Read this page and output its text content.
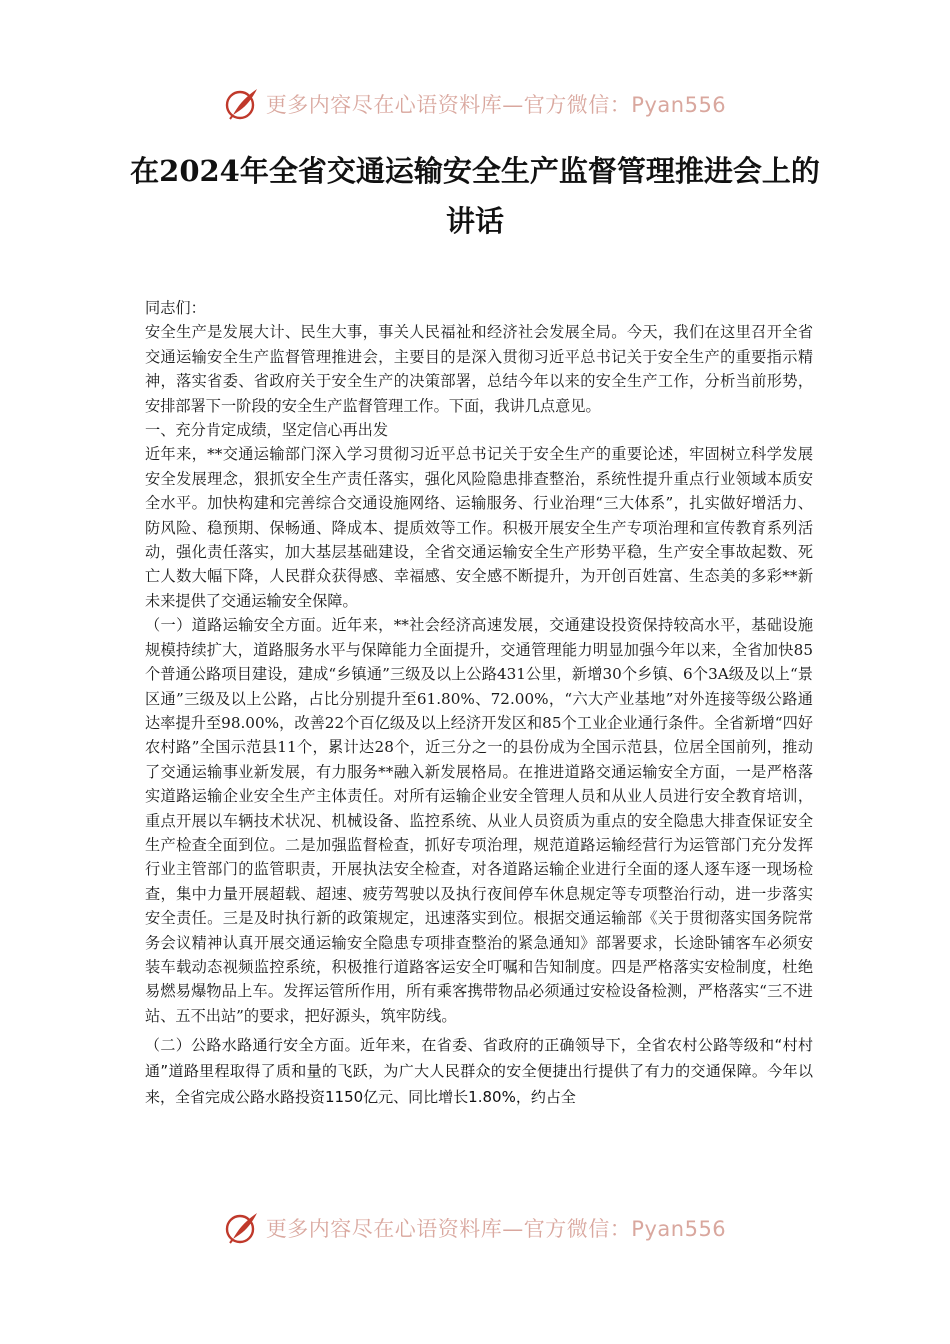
更多内容尽在心语资料库—官方微信：Pyan556
在2024年全省交通运输安全生产监督管理推进会上的讲话

同志们：

安全生产是发展大计、民生大事，事关人民福祉和经济社会发展全局。今天，我们在这里召开全省交通运输安全生产监督管理推进会，主要目的是深入贯彻习近平总书记关于安全生产的重要指示精神，落实省委、省政府关于安全生产的决策部署，总结今年以来的安全生产工作，分析当前形势，安排部署下一阶段的安全生产监督管理工作。下面，我讲几点意见。

一、充分肯定成绩，坚定信心再出发

近年来，**交通运输部门深入学习贯彻习近平总书记关于安全生产的重要论述，牢固树立科学发展安全发展理念，狠抓安全生产责任落实，强化风险隐患排查整治，系统性提升重点行业领域本质安全水平。加快构建和完善综合交通设施网络、运输服务、行业治理“三大体系”，扎实做好增活力、防风险、稳预期、保畅通、降成本、提质效等工作。积极开展安全生产专项治理和宣传教育系列活动，强化责任落实，加大基层基础建设，全省交通运输安全生产形势平稳，生产安全事故起数、死亡人数大幅下降，人民群众获得感、幸福感、安全感不断提升，为开创百姓富、生态美的多彩**新未来提供了交通运输安全保障。

（一）道路运输安全方面。近年来，**社会经济高速发展，交通建设投资保持较高水平，基础设施规模持续扩大，道路服务水平与保障能力全面提升，交通管理能力明显加强今年以来，全省加快85个普通公路项目建设，建成“乡镇通”三级及以上公路431公里，新增30个乡镇、6个3A级及以上“景区通”三级及以上公路，占比分别提升至61.80%、72.00%，“六大产业基地”对外连接等级公路通达率提升至98.00%，改善22个百亿级及以上经济开发区和85个工业企业通行条件。全省新增“四好农村路”全国示范县11个，累计达28个，近三分之一的县份成为全国示范县，位居全国前列，推动了交通运输事业新发展，有力服务**融入新发展格局。在推进道路交通运输安全方面，一是严格落实道路运输企业安全生产主体责任。对所有运输企业安全管理人员和从业人员进行安全教育培训，重点开展以车辆技术状况、机械设备、监控系统、从业人员资质为重点的安全隐患大排查保证安全生产检查全面到位。二是加强监督检查，抓好专项治理，规范道路运输经营行为运管部门充分发挥行业主管部门的监管职责，开展执法安全检查，对各道路运输企业进行全面的逐人逐车逐一现场检查，集中力量开展超载、超速、疲劳驾驶以及执行夜间停车休息规定等专项整治行动，进一步落实安全责任。三是及时执行新的政策规定，迅速落实到位。根据交通运输部《关于贯彻落实国务院常务会议精神认真开展交通运输安全隐患专项排查整治的紧急通知》部署要求，长途卧铺客车必须安装车载动态视频监控系统，积极推行道路客运安全叮嘱和告知制度。四是严格落实安检制度，杜绝易燃易爆物品上车。发挥运管所作用，所有乘客携带物品必须通过安检设备检测，严格落实“三不进站、五不出站”的要求，把好源头，筑牢防线。

（二）公路水路通行安全方面。近年来，在省委、省政府的正确领导下，全省农村公路等级和“村村通”道路里程取得了质和量的飞跃，为广大人民群众的安全便捷出行提供了有力的交通保障。今年以来，全省完成公路水路投资1150亿元、同比增长1.80%，约占全

更多内容尽在心语资料库—官方微信：Pyan556
